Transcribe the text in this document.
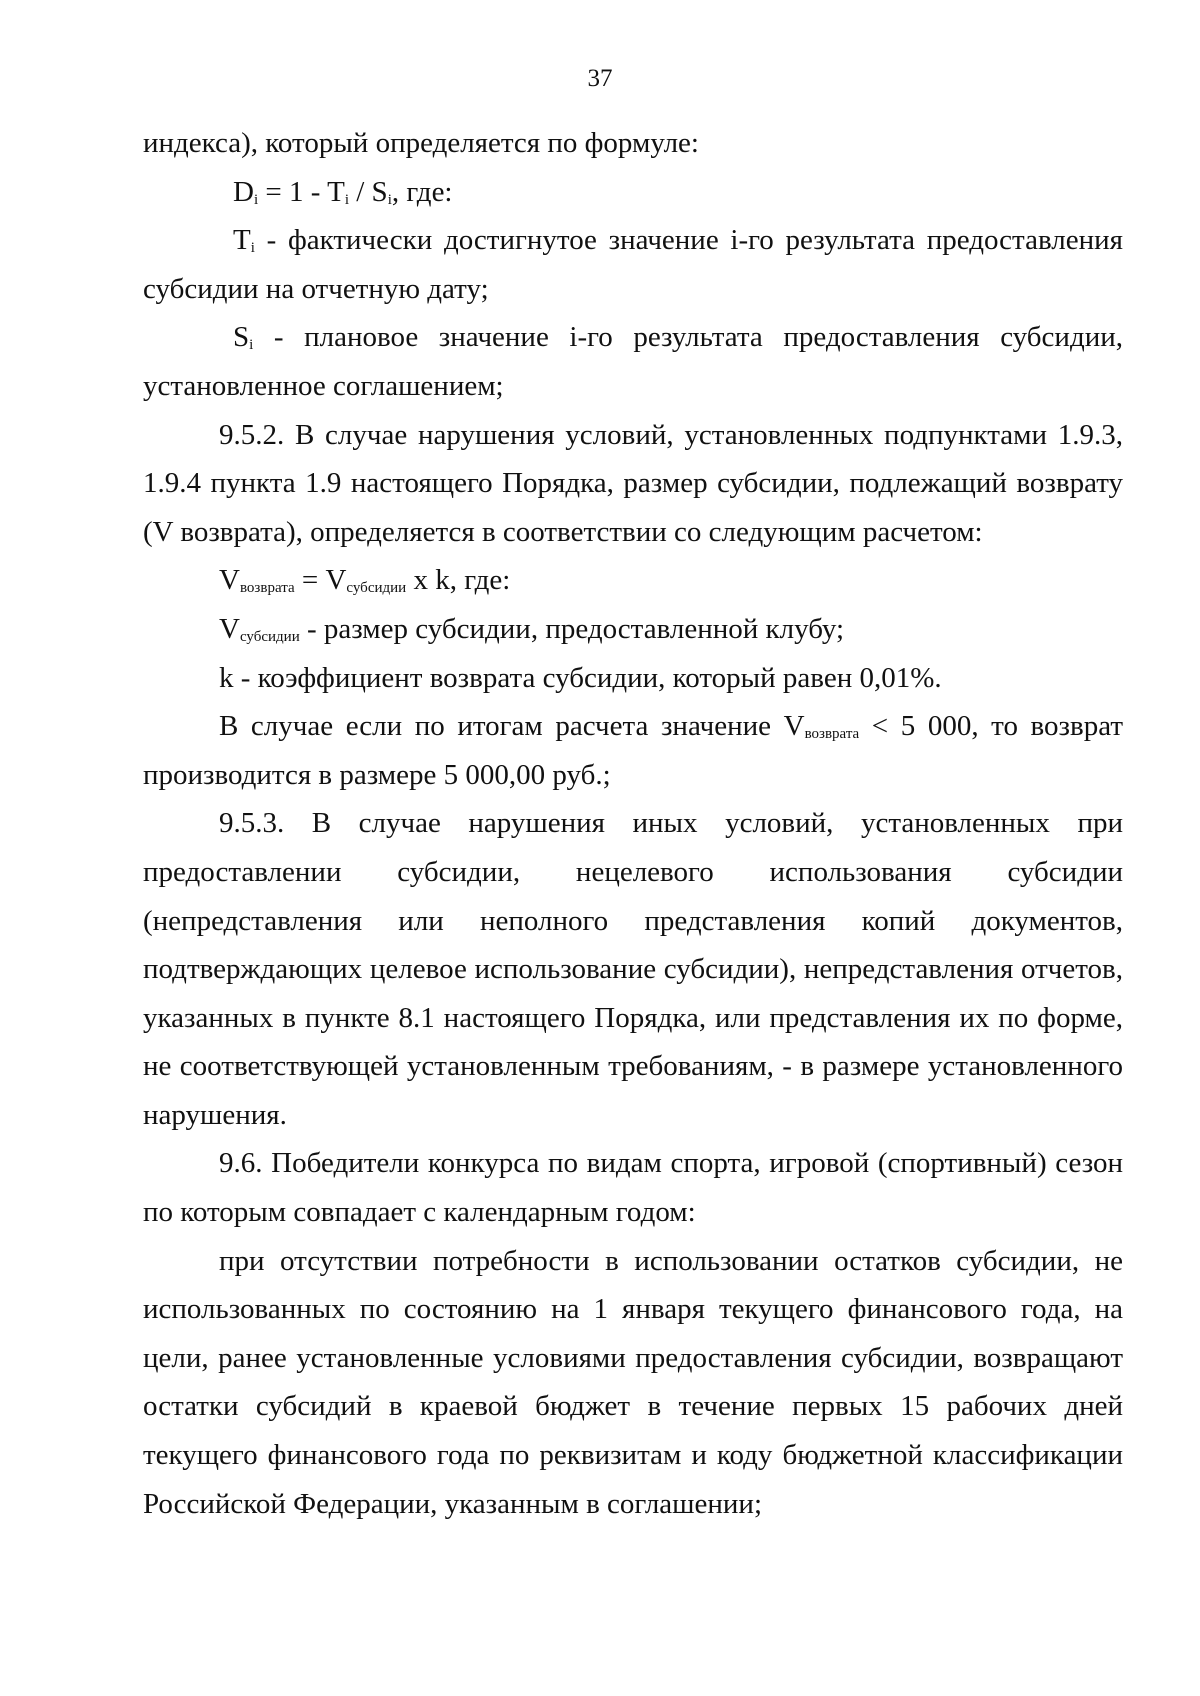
37

индекса), который определяется по формуле:

$D_i = 1 - T_i / S_i$, где:

$T_i$ - фактически достигнутое значение i-го результата предоставления субсидии на отчетную дату;

$S_i$ - плановое значение i-го результата предоставления субсидии, установленное соглашением;

9.5.2. В случае нарушения условий, установленных подпунктами 1.9.3, 1.9.4 пункта 1.9 настоящего Порядка, размер субсидии, подлежащий возврату (V возврата), определяется в соответствии со следующим расчетом:

$V_{возврата} = V_{субсидии}$ x k, где:

$V_{субсидии}$ - размер субсидии, предоставленной клубу;

k - коэффициент возврата субсидии, который равен 0,01%.

В случае если по итогам расчета значение $V_{возврата} < 5$ 000, то возврат производится в размере 5 000,00 руб.;

9.5.3. В случае нарушения иных условий, установленных при предоставлении субсидии, нецелевого использования субсидии (непредставления или неполного представления копий документов, подтверждающих целевое использование субсидии), непредставления отчетов, указанных в пункте 8.1 настоящего Порядка, или представления их по форме, не соответствующей установленным требованиям, - в размере установленного нарушения.

9.6. Победители конкурса по видам спорта, игровой (спортивный) сезон по которым совпадает с календарным годом:

при отсутствии потребности в использовании остатков субсидии, не использованных по состоянию на 1 января текущего финансового года, на цели, ранее установленные условиями предоставления субсидии, возвращают остатки субсидий в краевой бюджет в течение первых 15 рабочих дней текущего финансового года по реквизитам и коду бюджетной классификации Российской Федерации, указанным в соглашении;
